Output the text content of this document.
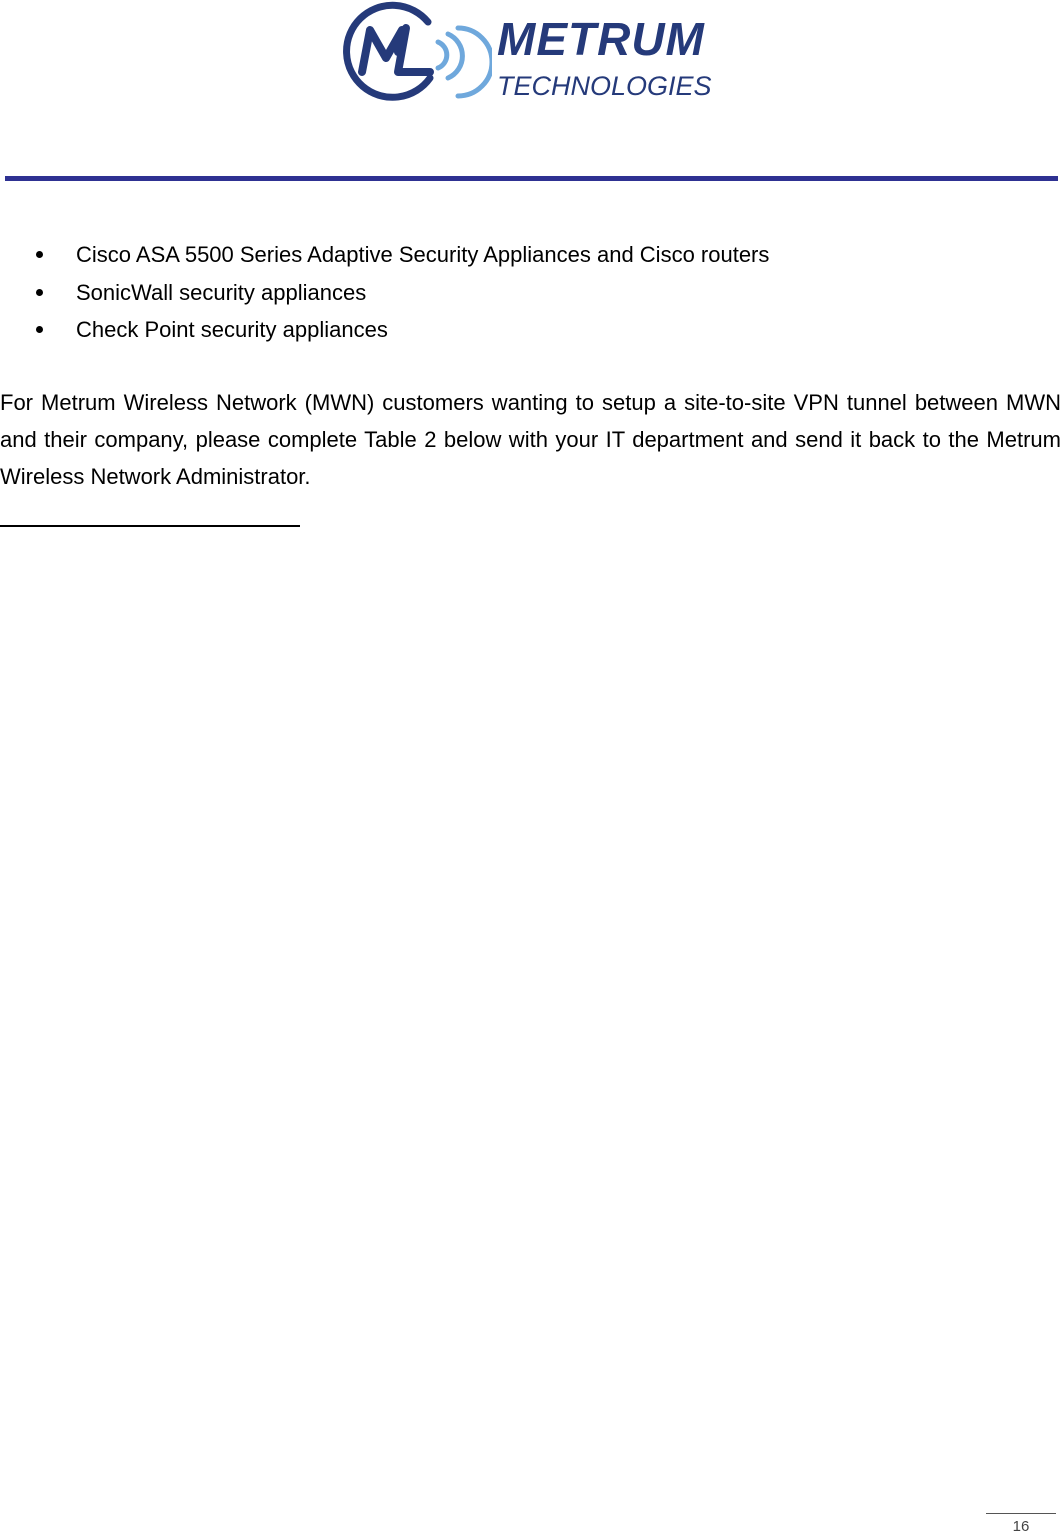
METRUM
TECHNOLOGIES
Cisco ASA 5500 Series Adaptive Security Appliances and Cisco routers
SonicWall security appliances
Check Point security appliances

For Metrum Wireless Network (MWN) customers wanting to setup a site-to-site VPN tunnel between MWN and their company, please complete Table 2 below with your IT department and send it back to the Metrum Wireless Network Administrator.

16
